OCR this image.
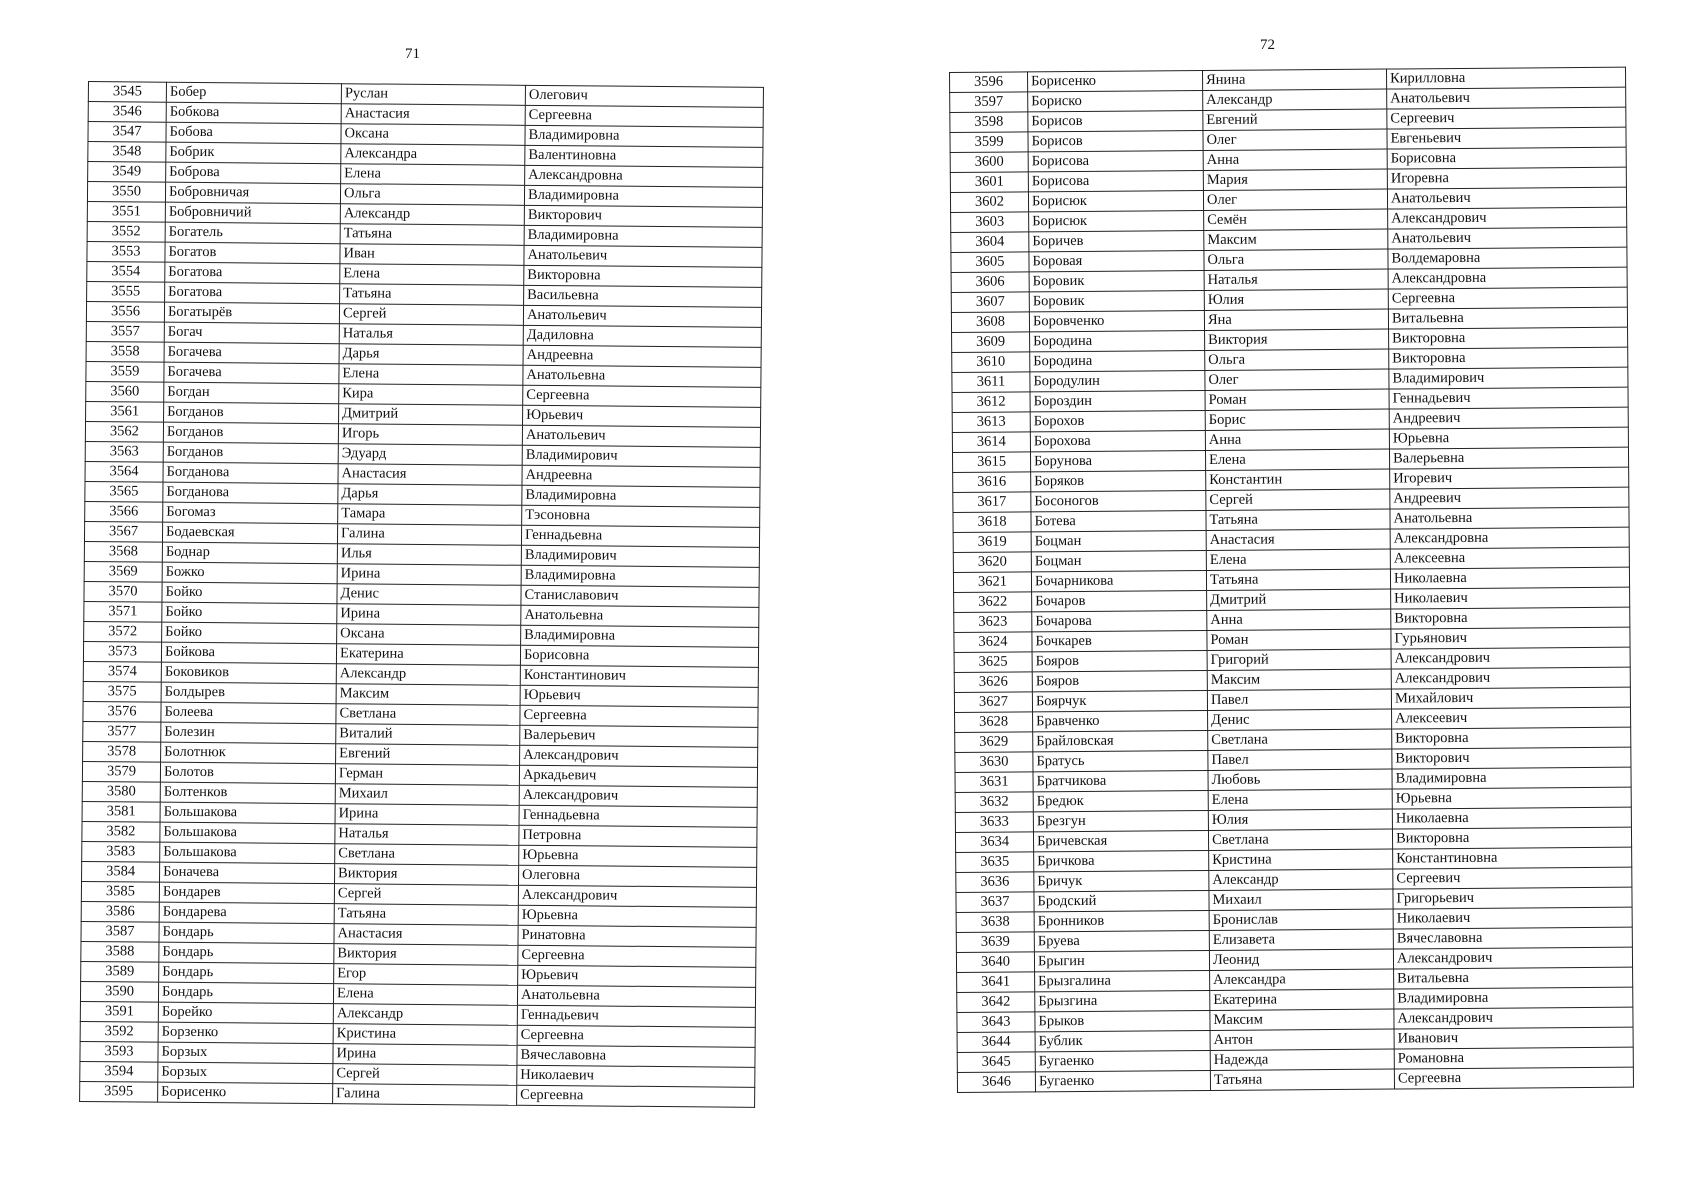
71
72
3545	Бобер	Руслан	Олегович
3546	Бобкова	Анастасия	Сергеевна
3547	Бобова	Оксана	Владимировна
3548	Бобрик	Александра	Валентиновна
3549	Боброва	Елена	Александровна
3550	Бобровничая	Ольга	Владимировна
3551	Бобровничий	Александр	Викторович
3552	Богатель	Татьяна	Владимировна
3553	Богатов	Иван	Анатольевич
3554	Богатова	Елена	Викторовна
3555	Богатова	Татьяна	Васильевна
3556	Богатырёв	Сергей	Анатольевич
3557	Богач	Наталья	Дадиловна
3558	Богачева	Дарья	Андреевна
3559	Богачева	Елена	Анатольевна
3560	Богдан	Кира	Сергеевна
3561	Богданов	Дмитрий	Юрьевич
3562	Богданов	Игорь	Анатольевич
3563	Богданов	Эдуард	Владимирович
3564	Богданова	Анастасия	Андреевна
3565	Богданова	Дарья	Владимировна
3566	Богомаз	Тамара	Тэсоновна
3567	Бодаевская	Галина	Геннадьевна
3568	Боднар	Илья	Владимирович
3569	Божко	Ирина	Владимировна
3570	Бойко	Денис	Станиславович
3571	Бойко	Ирина	Анатольевна
3572	Бойко	Оксана	Владимировна
3573	Бойкова	Екатерина	Борисовна
3574	Боковиков	Александр	Константинович
3575	Болдырев	Максим	Юрьевич
3576	Болеева	Светлана	Сергеевна
3577	Болезин	Виталий	Валерьевич
3578	Болотнюк	Евгений	Александрович
3579	Болотов	Герман	Аркадьевич
3580	Болтенков	Михаил	Александрович
3581	Большакова	Ирина	Геннадьевна
3582	Большакова	Наталья	Петровна
3583	Большакова	Светлана	Юрьевна
3584	Боначева	Виктория	Олеговна
3585	Бондарев	Сергей	Александрович
3586	Бондарева	Татьяна	Юрьевна
3587	Бондарь	Анастасия	Ринатовна
3588	Бондарь	Виктория	Сергеевна
3589	Бондарь	Егор	Юрьевич
3590	Бондарь	Елена	Анатольевна
3591	Борейко	Александр	Геннадьевич
3592	Борзенко	Кристина	Сергеевна
3593	Борзых	Ирина	Вячеславовна
3594	Борзых	Сергей	Николаевич
3595	Борисенко	Галина	Сергеевна
3596	Борисенко	Янина	Кирилловна
3597	Бориско	Александр	Анатольевич
3598	Борисов	Евгений	Сергеевич
3599	Борисов	Олег	Евгеньевич
3600	Борисова	Анна	Борисовна
3601	Борисова	Мария	Игоревна
3602	Борисюк	Олег	Анатольевич
3603	Борисюк	Семён	Александрович
3604	Боричев	Максим	Анатольевич
3605	Боровая	Ольга	Волдемаровна
3606	Боровик	Наталья	Александровна
3607	Боровик	Юлия	Сергеевна
3608	Боровченко	Яна	Витальевна
3609	Бородина	Виктория	Викторовна
3610	Бородина	Ольга	Викторовна
3611	Бородулин	Олег	Владимирович
3612	Бороздин	Роман	Геннадьевич
3613	Борохов	Борис	Андреевич
3614	Борохова	Анна	Юрьевна
3615	Борунова	Елена	Валерьевна
3616	Боряков	Константин	Игоревич
3617	Босоногов	Сергей	Андреевич
3618	Ботева	Татьяна	Анатольевна
3619	Боцман	Анастасия	Александровна
3620	Боцман	Елена	Алексеевна
3621	Бочарникова	Татьяна	Николаевна
3622	Бочаров	Дмитрий	Николаевич
3623	Бочарова	Анна	Викторовна
3624	Бочкарев	Роман	Гурьянович
3625	Бояров	Григорий	Александрович
3626	Бояров	Максим	Александрович
3627	Боярчук	Павел	Михайлович
3628	Бравченко	Денис	Алексеевич
3629	Брайловская	Светлана	Викторовна
3630	Братусь	Павел	Викторович
3631	Братчикова	Любовь	Владимировна
3632	Бредюк	Елена	Юрьевна
3633	Брезгун	Юлия	Николаевна
3634	Бричевская	Светлана	Викторовна
3635	Бричкова	Кристина	Константиновна
3636	Бричук	Александр	Сергеевич
3637	Бродский	Михаил	Григорьевич
3638	Бронников	Бронислав	Николаевич
3639	Бруева	Елизавета	Вячеславовна
3640	Брыгин	Леонид	Александрович
3641	Брызгалина	Александра	Витальевна
3642	Брызгина	Екатерина	Владимировна
3643	Брыков	Максим	Александрович
3644	Бублик	Антон	Иванович
3645	Бугаенко	Надежда	Романовна
3646	Бугаенко	Татьяна	Сергеевна
